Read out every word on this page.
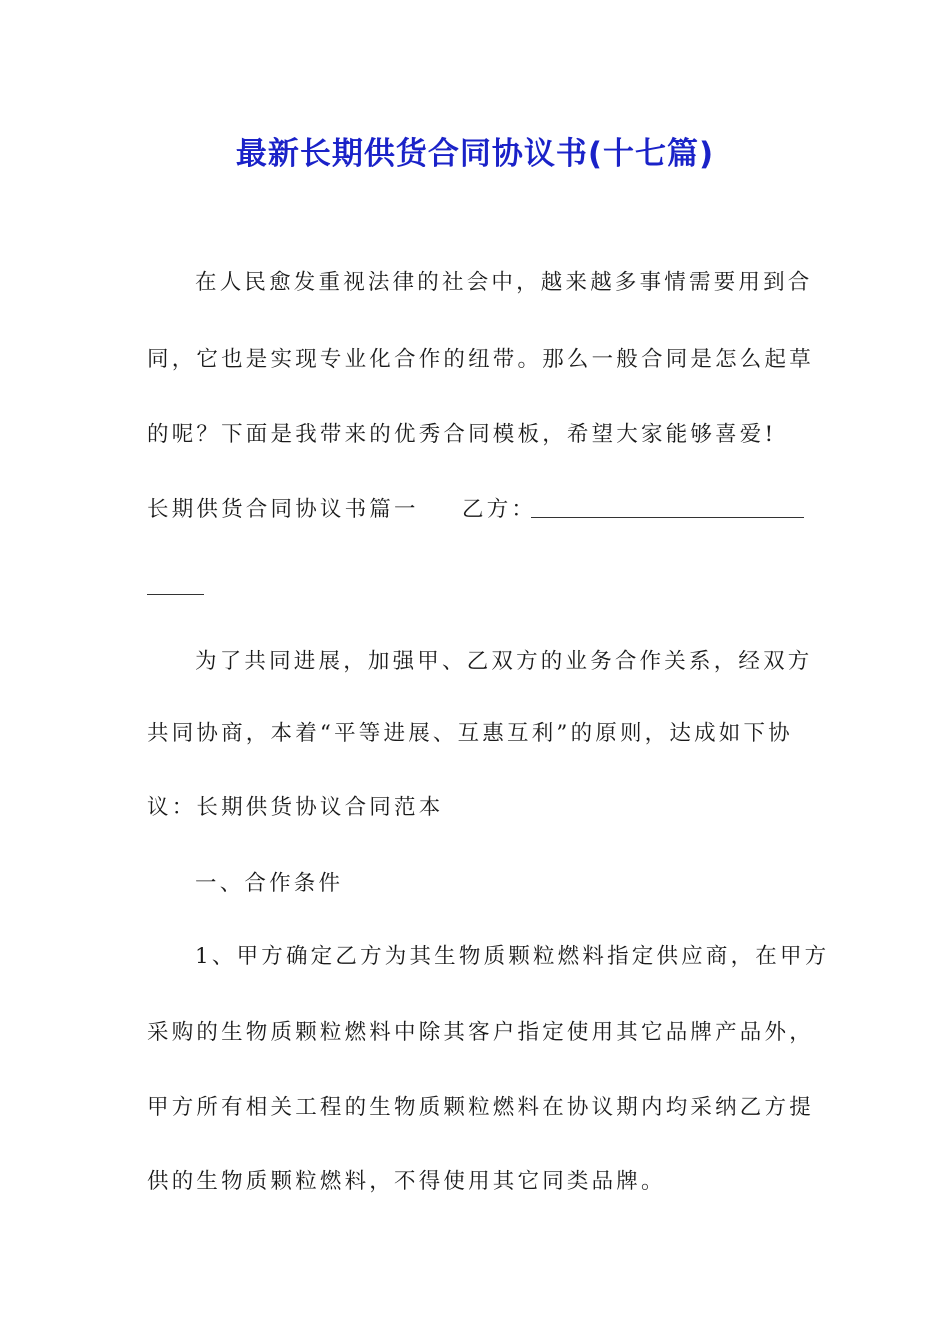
最新长期供货合同协议书(十七篇)

在人民愈发重视法律的社会中，越来越多事情需要用到合

同，它也是实现专业化合作的纽带。那么一般合同是怎么起草

的呢？下面是我带来的优秀合同模板，希望大家能够喜爱!

长期供货合同协议书篇一	乙方：

为了共同进展，加强甲、乙双方的业务合作关系，经双方

共同协商，本着“平等进展、互惠互利”的原则，达成如下协

议：长期供货协议合同范本

一、合作条件

1、甲方确定乙方为其生物质颗粒燃料指定供应商，在甲方

采购的生物质颗粒燃料中除其客户指定使用其它品牌产品外，

甲方所有相关工程的生物质颗粒燃料在协议期内均采纳乙方提

供的生物质颗粒燃料，不得使用其它同类品牌。
